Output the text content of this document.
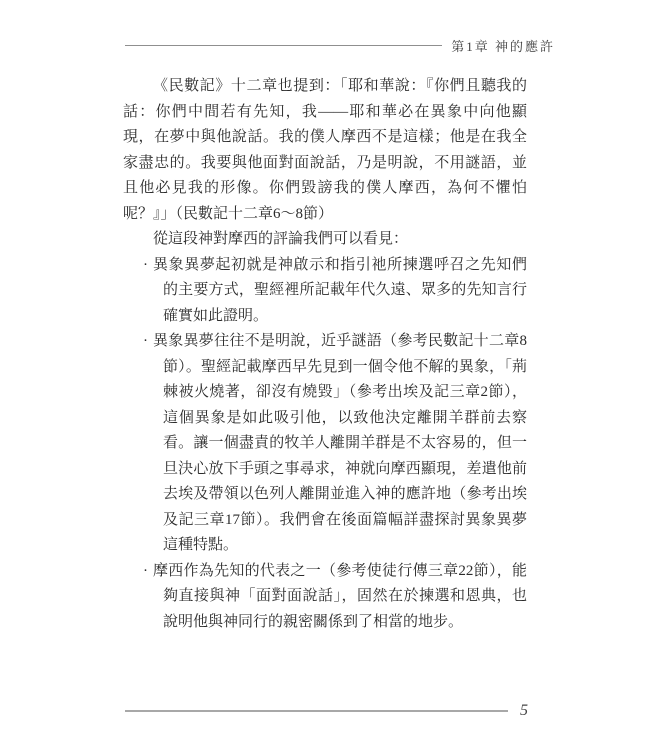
第1章 神的應許

《民數記》十二章也提到：「耶和華說：『你們且聽我的話：你們中間若有先知，我——耶和華必在異象中向他顯現，在夢中與他說話。我的僕人摩西不是這樣；他是在我全家盡忠的。我要與他面對面說話，乃是明說，不用謎語，並且他必見我的形像。你們毀謗我的僕人摩西，為何不懼怕呢？』」（民數記十二章6～8節）

從這段神對摩西的評論我們可以看見：

· 異象異夢起初就是神啟示和指引祂所揀選呼召之先知們的主要方式，聖經裡所記載年代久遠、眾多的先知言行確實如此證明。
· 異象異夢往往不是明說，近乎謎語（參考民數記十二章8節）。聖經記載摩西早先見到一個令他不解的異象，「荊棘被火燒著，卻沒有燒毀」（參考出埃及記三章2節），這個異象是如此吸引他，以致他決定離開羊群前去察看。讓一個盡責的牧羊人離開羊群是不太容易的，但一旦決心放下手頭之事尋求，神就向摩西顯現，差遣他前去埃及帶領以色列人離開並進入神的應許地（參考出埃及記三章17節）。我們會在後面篇幅詳盡探討異象異夢這種特點。
· 摩西作為先知的代表之一（參考使徒行傳三章22節），能夠直接與神「面對面說話」，固然在於揀選和恩典，也說明他與神同行的親密關係到了相當的地步。
5
